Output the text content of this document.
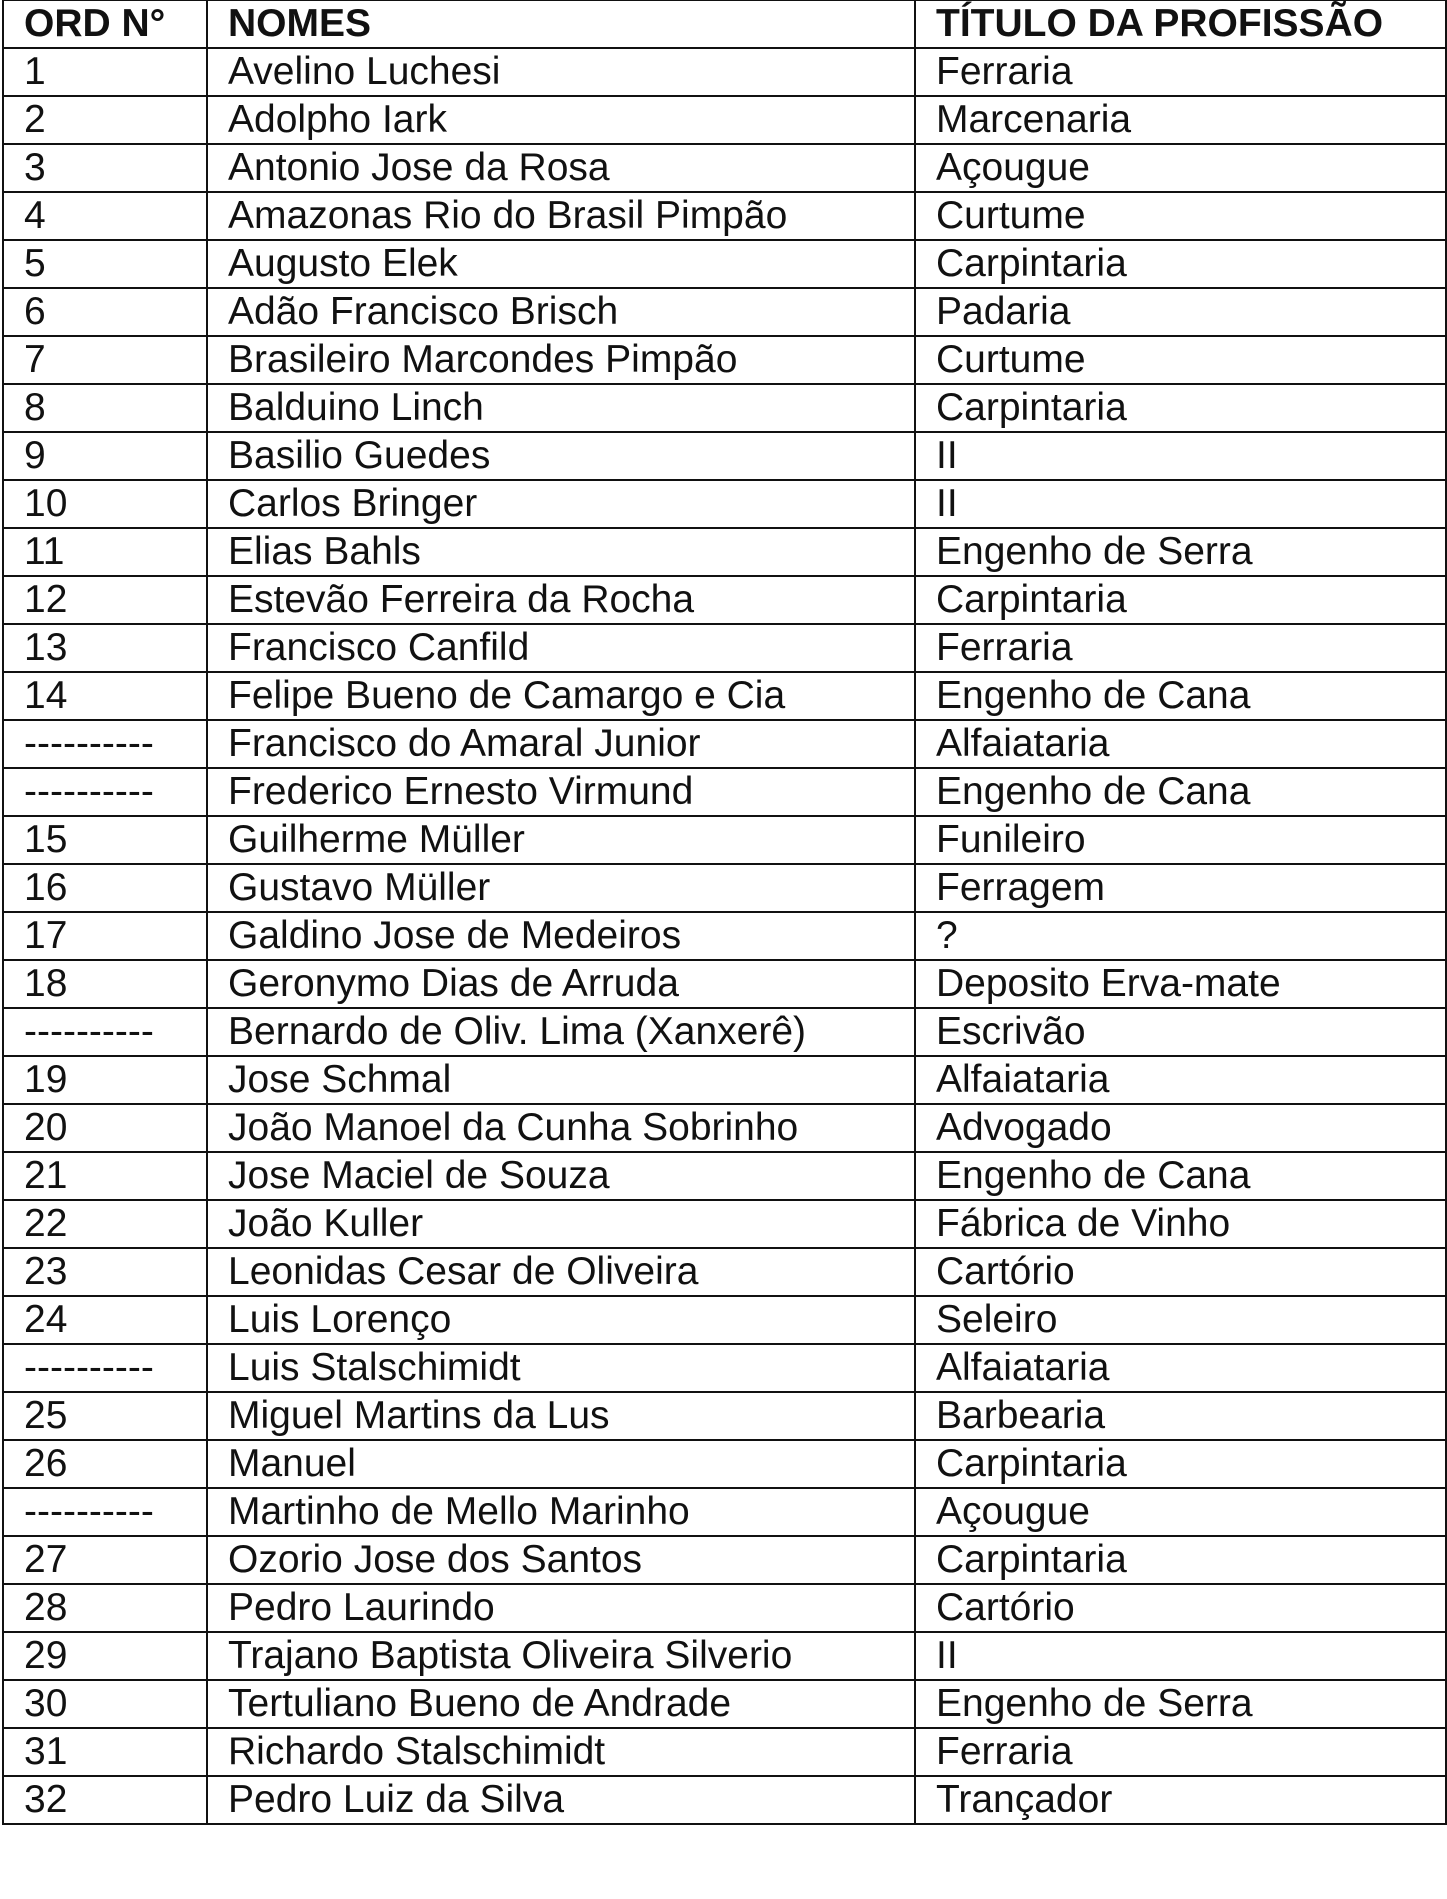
ORD N°	NOMES	TÍTULO DA PROFISSÃO
1	Avelino Luchesi	Ferraria
2	Adolpho Iark	Marcenaria
3	Antonio Jose da Rosa	Açougue
4	Amazonas Rio do Brasil Pimpão	Curtume
5	Augusto Elek	Carpintaria
6	Adão Francisco Brisch	Padaria
7	Brasileiro Marcondes Pimpão	Curtume
8	Balduino Linch	Carpintaria
9	Basilio Guedes	II
10	Carlos Bringer	II
11	Elias Bahls	Engenho de Serra
12	Estevão Ferreira da Rocha	Carpintaria
13	Francisco Canfild	Ferraria
14	Felipe Bueno de Camargo e Cia	Engenho de Cana
----------	Francisco do Amaral Junior	Alfaiataria
----------	Frederico Ernesto Virmund	Engenho de Cana
15	Guilherme Müller	Funileiro
16	Gustavo Müller	Ferragem
17	Galdino Jose de Medeiros	?
18	Geronymo Dias de Arruda	Deposito Erva-mate
----------	Bernardo de Oliv. Lima (Xanxerê)	Escrivão
19	Jose Schmal	Alfaiataria
20	João Manoel da Cunha Sobrinho	Advogado
21	Jose Maciel de Souza	Engenho de Cana
22	João Kuller	Fábrica de Vinho
23	Leonidas Cesar de Oliveira	Cartório
24	Luis Lorenço	Seleiro
----------	Luis Stalschimidt	Alfaiataria
25	Miguel Martins da Lus	Barbearia
26	Manuel	Carpintaria
----------	Martinho de Mello Marinho	Açougue
27	Ozorio Jose dos Santos	Carpintaria
28	Pedro Laurindo	Cartório
29	Trajano Baptista Oliveira Silverio	II
30	Tertuliano Bueno de Andrade	Engenho de Serra
31	Richardo Stalschimidt	Ferraria
32	Pedro Luiz da Silva	Trançador
